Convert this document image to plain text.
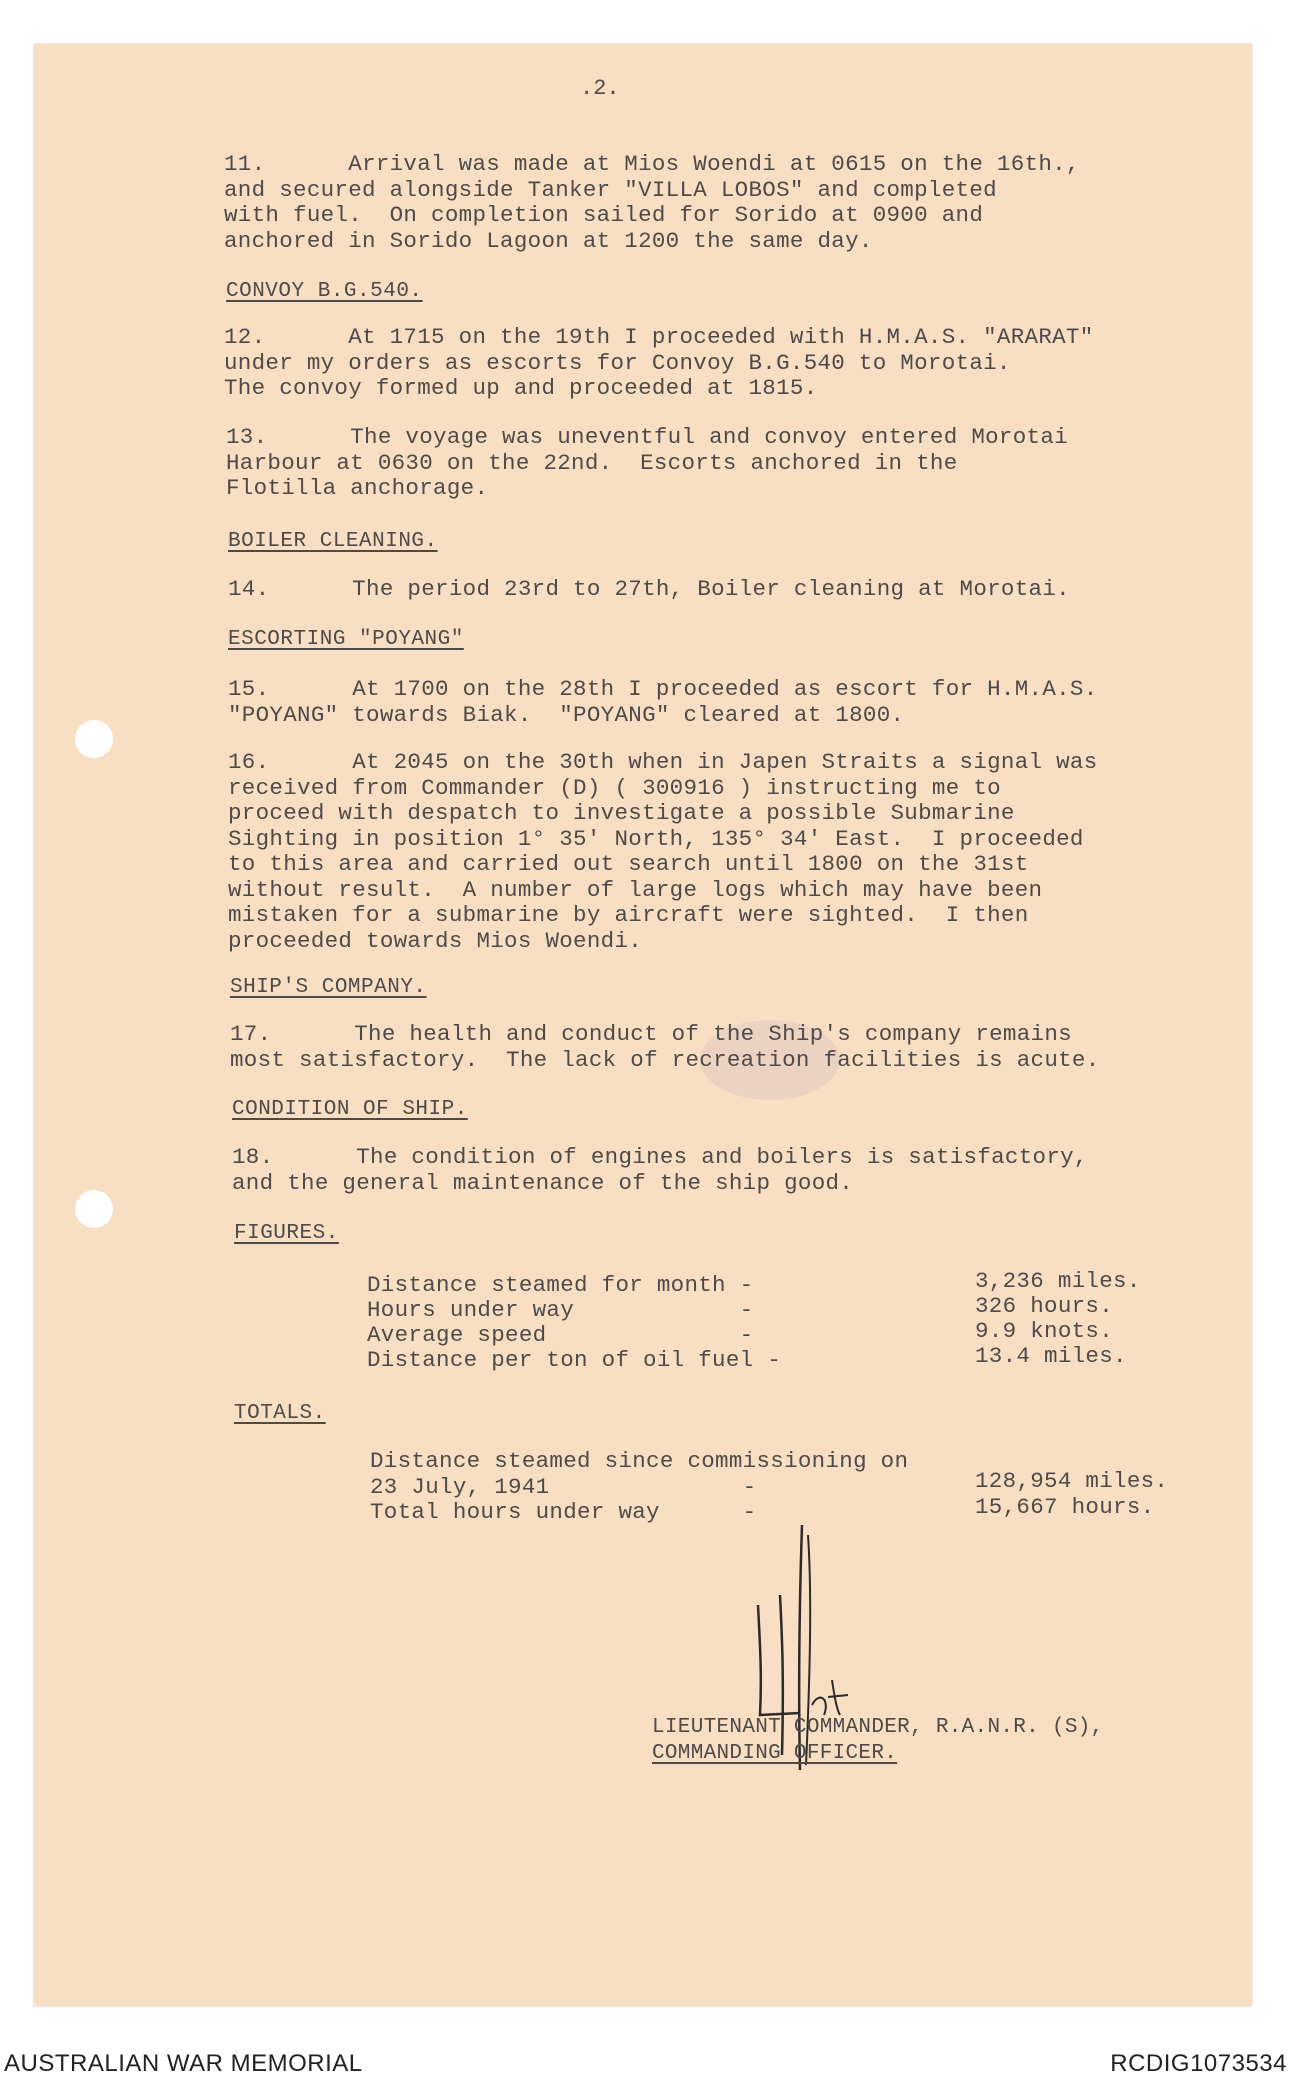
.2.
11.      Arrival was made at Mios Woendi at 0615 on the 16th.,
and secured alongside Tanker "VILLA LOBOS" and completed
with fuel.  On completion sailed for Sorido at 0900 and
anchored in Sorido Lagoon at 1200 the same day.
CONVOY B.G.540.
12.      At 1715 on the 19th I proceeded with H.M.A.S. "ARARAT"
under my orders as escorts for Convoy B.G.540 to Morotai.
The convoy formed up and proceeded at 1815.
13.      The voyage was uneventful and convoy entered Morotai
Harbour at 0630 on the 22nd.  Escorts anchored in the
Flotilla anchorage.
BOILER CLEANING.
14.      The period 23rd to 27th, Boiler cleaning at Morotai.
ESCORTING "POYANG"
15.      At 1700 on the 28th I proceeded as escort for H.M.A.S.
"POYANG" towards Biak.  "POYANG" cleared at 1800.
16.      At 2045 on the 30th when in Japen Straits a signal was
received from Commander (D) ( 300916 ) instructing me to
proceed with despatch to investigate a possible Submarine
Sighting in position 1° 35' North, 135° 34' East.  I proceeded
to this area and carried out search until 1800 on the 31st
without result.  A number of large logs which may have been
mistaken for a submarine by aircraft were sighted.  I then
proceeded towards Mios Woendi.
SHIP'S COMPANY.
17.      The health and conduct of the Ship's company remains
most satisfactory.  The lack of recreation facilities is acute.
CONDITION OF SHIP.
18.      The condition of engines and boilers is satisfactory,
and the general maintenance of the ship good.
FIGURES.
Distance steamed for month -	3,236 miles.
Hours under way            -	326 hours.
Average speed              -	9.9 knots.
Distance per ton of oil fuel -	13.4 miles.
TOTALS.
Distance steamed since commissioning on
23 July, 1941              -	128,954 miles.
Total hours under way      -	15,667 hours.
LIEUTENANT COMMANDER, R.A.N.R. (S),
COMMANDING OFFICER.
AUSTRALIAN WAR MEMORIAL	RCDIG1073534
